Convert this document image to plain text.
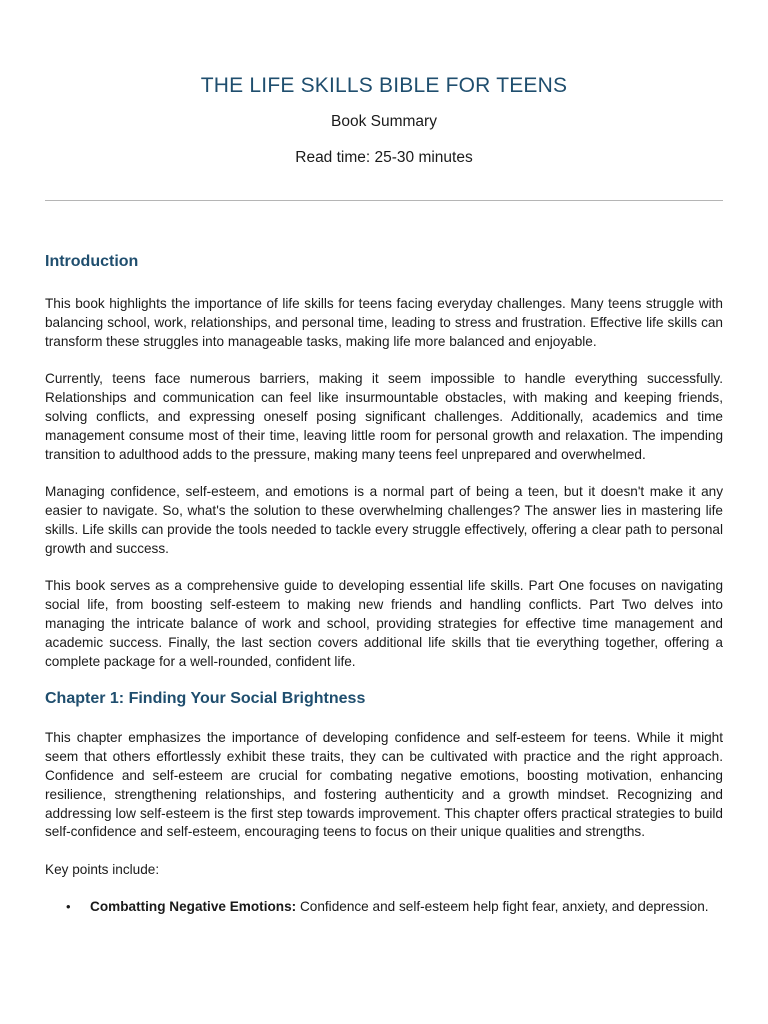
THE LIFE SKILLS BIBLE FOR TEENS
Book Summary
Read time: 25-30 minutes
Introduction

This book highlights the importance of life skills for teens facing everyday challenges. Many teens struggle with balancing school, work, relationships, and personal time, leading to stress and frustration. Effective life skills can transform these struggles into manageable tasks, making life more balanced and enjoyable.

Currently, teens face numerous barriers, making it seem impossible to handle everything successfully. Relationships and communication can feel like insurmountable obstacles, with making and keeping friends, solving conflicts, and expressing oneself posing significant challenges. Additionally, academics and time management consume most of their time, leaving little room for personal growth and relaxation. The impending transition to adulthood adds to the pressure, making many teens feel unprepared and overwhelmed.

Managing confidence, self-esteem, and emotions is a normal part of being a teen, but it doesn't make it any easier to navigate. So, what's the solution to these overwhelming challenges? The answer lies in mastering life skills. Life skills can provide the tools needed to tackle every struggle effectively, offering a clear path to personal growth and success.

This book serves as a comprehensive guide to developing essential life skills. Part One focuses on navigating social life, from boosting self-esteem to making new friends and handling conflicts. Part Two delves into managing the intricate balance of work and school, providing strategies for effective time management and academic success. Finally, the last section covers additional life skills that tie everything together, offering a complete package for a well-rounded, confident life.

Chapter 1: Finding Your Social Brightness

This chapter emphasizes the importance of developing confidence and self-esteem for teens. While it might seem that others effortlessly exhibit these traits, they can be cultivated with practice and the right approach. Confidence and self-esteem are crucial for combating negative emotions, boosting motivation, enhancing resilience, strengthening relationships, and fostering authenticity and a growth mindset. Recognizing and addressing low self-esteem is the first step towards improvement. This chapter offers practical strategies to build self-confidence and self-esteem, encouraging teens to focus on their unique qualities and strengths.

Key points include:

• Combatting Negative Emotions: Confidence and self-esteem help fight fear, anxiety, and depression.
